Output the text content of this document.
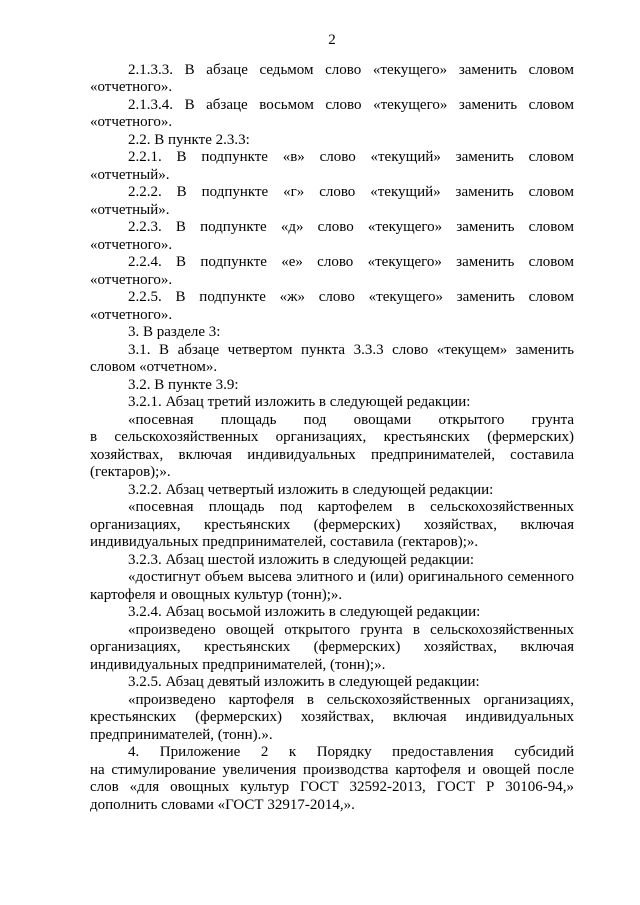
2

2.1.3.3. В абзаце седьмом слово «текущего» заменить словом «отчетного».

2.1.3.4. В абзаце восьмом слово «текущего» заменить словом «отчетного».

2.2. В пункте 2.3.3:

2.2.1. В подпункте «в» слово «текущий» заменить словом «отчетный».

2.2.2. В подпункте «г» слово «текущий» заменить словом «отчетный».

2.2.3. В подпункте «д» слово «текущего» заменить словом «отчетного».

2.2.4. В подпункте «е» слово «текущего» заменить словом «отчетного».

2.2.5. В подпункте «ж» слово «текущего» заменить словом «отчетного».

3. В разделе 3:

3.1. В абзаце четвертом пункта 3.3.3 слово «текущем» заменить словом «отчетном».

3.2. В пункте 3.9:

3.2.1. Абзац третий изложить в следующей редакции:

«посевная площадь под овощами открытого грунта в сельскохозяйственных организациях, крестьянских (фермерских) хозяйствах, включая индивидуальных предпринимателей, составила (гектаров);».

3.2.2. Абзац четвертый изложить в следующей редакции:

«посевная площадь под картофелем в сельскохозяйственных организациях, крестьянских (фермерских) хозяйствах, включая индивидуальных предпринимателей, составила (гектаров);».

3.2.3. Абзац шестой изложить в следующей редакции:

«достигнут объем высева элитного и (или) оригинального семенного картофеля и овощных культур (тонн);».

3.2.4. Абзац восьмой изложить в следующей редакции:

«произведено овощей открытого грунта в сельскохозяйственных организациях, крестьянских (фермерских) хозяйствах, включая индивидуальных предпринимателей, (тонн);».

3.2.5. Абзац девятый изложить в следующей редакции:

«произведено картофеля в сельскохозяйственных организациях, крестьянских (фермерских) хозяйствах, включая индивидуальных предпринимателей, (тонн).».

4. Приложение 2 к Порядку предоставления субсидий на стимулирование увеличения производства картофеля и овощей после слов «для овощных культур ГОСТ 32592-2013, ГОСТ Р 30106-94,» дополнить словами «ГОСТ 32917-2014,».
